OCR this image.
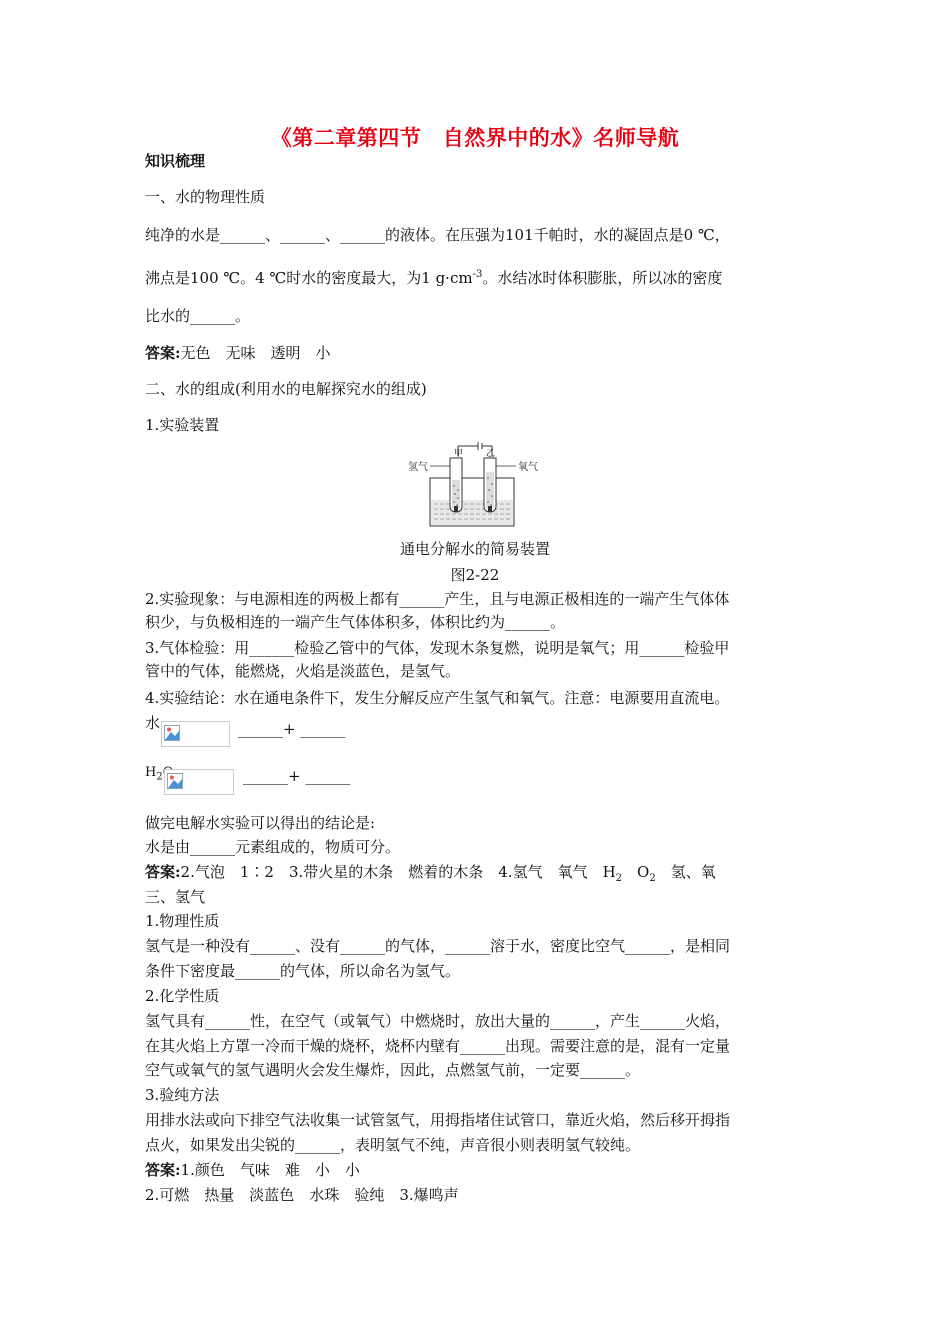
《第二章第四节　自然界中的水》名师导航
知识梳理
一、水的物理性质
纯净的水是______、______、______的液体。在压强为101千帕时，水的凝固点是0 ℃，
沸点是100 ℃。4 ℃时水的密度最大，为1 $g\cdot cm^{-3}$。水结冰时体积膨胀，所以冰的密度
比水的______。
答案:无色　无味　透明　小
二、水的组成(利用水的电解探究水的组成)
1.实验装置
氢气	氧气
甲	乙
通电分解水的简易装置
图2-22
2.实验现象：与电源相连的两极上都有______产生，且与电源正极相连的一端产生气体体
积少，与负极相连的一端产生气体体积多，体积比约为______。
3.气体检验：用______检验乙管中的气体，发现木条复燃，说明是氧气；用______检验甲
管中的气体，能燃烧，火焰是淡蓝色，是氢气。
4.实验结论：水在通电条件下，发生分解反应产生氢气和氧气。注意：电源要用直流电。
水	______+ ______
$H_2$	______+ ______
做完电解水实验可以得出的结论是:
水是由______元素组成的，物质可分。
答案:2.气泡　1∶2　3.带火星的木条　燃着的木条　4.氢气　氧气　$H_2$　$O_2$　氢、氧
三、氢气
1.物理性质
氢气是一种没有______、没有______的气体，______溶于水，密度比空气______，是相同
条件下密度最______的气体，所以命名为氢气。
2.化学性质
氢气具有______性，在空气（或氧气）中燃烧时，放出大量的______，产生______火焰，
在其火焰上方罩一冷而干燥的烧杯，烧杯内壁有______出现。需要注意的是，混有一定量
空气或氧气的氢气遇明火会发生爆炸，因此，点燃氢气前，一定要______。
3.验纯方法
用排水法或向下排空气法收集一试管氢气，用拇指堵住试管口，靠近火焰，然后移开拇指
点火，如果发出尖锐的______，表明氢气不纯，声音很小则表明氢气较纯。
答案:1.颜色　气味　难　小　小
2.可燃　热量　淡蓝色　水珠　验纯　3.爆鸣声
